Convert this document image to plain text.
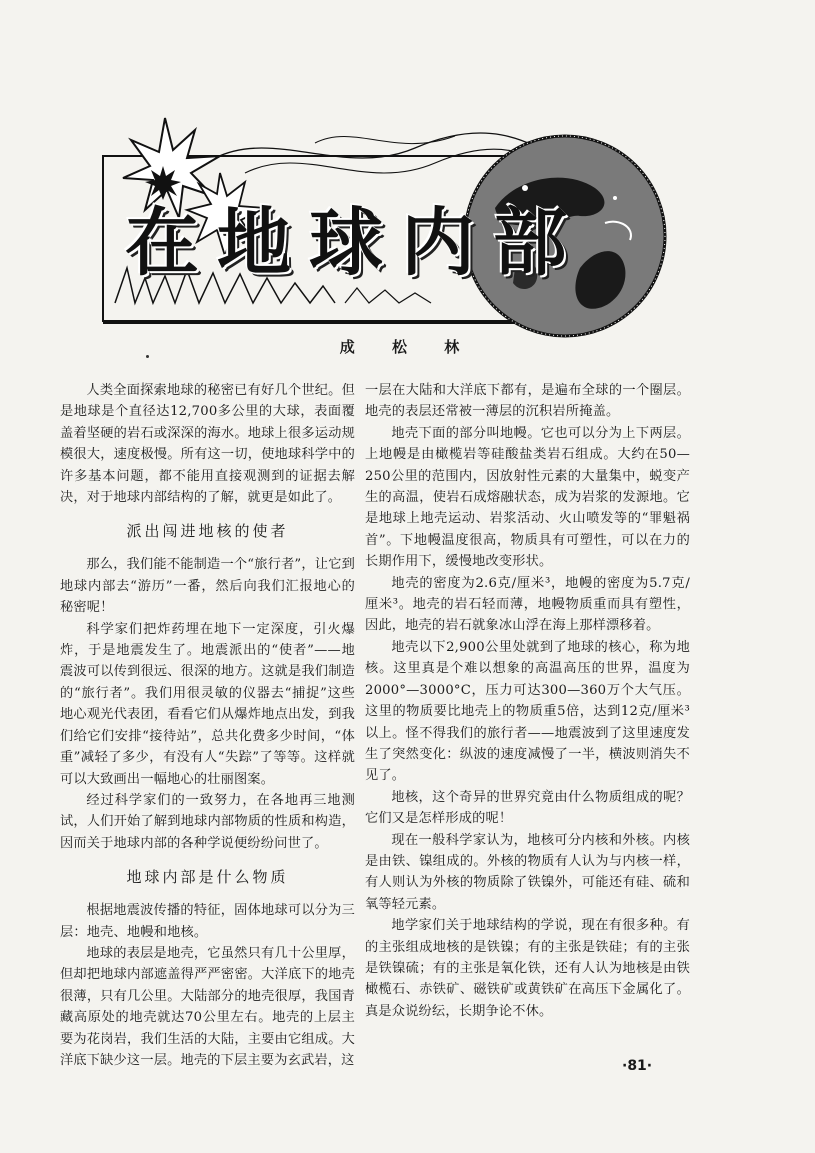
在地球内部
成 松 林

人类全面探索地球的秘密已有好几个世纪。但是地球是个直径达12,700多公里的大球，表面覆盖着坚硬的岩石或深深的海水。地球上很多运动规模很大，速度极慢。所有这一切，使地球科学中的许多基本问题，都不能用直接观测到的证据去解决，对于地球内部结构的了解，就更是如此了。

派出闯进地核的使者

那么，我们能不能制造一个“旅行者”，让它到地球内部去“游历”一番，然后向我们汇报地心的秘密呢！

科学家们把炸药埋在地下一定深度，引火爆炸，于是地震发生了。地震派出的“使者”——地震波可以传到很远、很深的地方。这就是我们制造的“旅行者”。我们用很灵敏的仪器去“捕捉”这些地心观光代表团，看看它们从爆炸地点出发，到我们给它们安排“接待站”，总共化费多少时间，“体重”减轻了多少，有没有人“失踪”了等等。这样就可以大致画出一幅地心的壮丽图案。

经过科学家们的一致努力，在各地再三地测试，人们开始了解到地球内部物质的性质和构造，因而关于地球内部的各种学说便纷纷问世了。

地球内部是什么物质

根据地震波传播的特征，固体地球可以分为三层：地壳、地幔和地核。

地球的表层是地壳，它虽然只有几十公里厚，但却把地球内部遮盖得严严密密。大洋底下的地壳很薄，只有几公里。大陆部分的地壳很厚，我国青藏高原处的地壳就达70公里左右。地壳的上层主要为花岗岩，我们生活的大陆，主要由它组成。大洋底下缺少这一层。地壳的下层主要为玄武岩，这

一层在大陆和大洋底下都有，是遍布全球的一个圈层。地壳的表层还常被一薄层的沉积岩所掩盖。

地壳下面的部分叫地幔。它也可以分为上下两层。上地幔是由橄榄岩等硅酸盐类岩石组成。大约在50—250公里的范围内，因放射性元素的大量集中，蜕变产生的高温，使岩石成熔融状态，成为岩浆的发源地。它是地球上地壳运动、岩浆活动、火山喷发等的“罪魁祸首”。下地幔温度很高，物质具有可塑性，可以在力的长期作用下，缓慢地改变形状。

地壳的密度为2.6克/厘米³，地幔的密度为5.7克/厘米³。地壳的岩石轻而薄，地幔物质重而具有塑性，因此，地壳的岩石就象冰山浮在海上那样漂移着。

地壳以下2,900公里处就到了地球的核心，称为地核。这里真是个难以想象的高温高压的世界，温度为2000°—3000°C，压力可达300—360万个大气压。这里的物质要比地壳上的物质重5倍，达到12克/厘米³以上。怪不得我们的旅行者——地震波到了这里速度发生了突然变化：纵波的速度减慢了一半，横波则消失不见了。

地核，这个奇异的世界究竟由什么物质组成的呢？它们又是怎样形成的呢！

现在一般科学家认为，地核可分内核和外核。内核是由铁、镍组成的。外核的物质有人认为与内核一样，有人则认为外核的物质除了铁镍外，可能还有硅、硫和氧等轻元素。

地学家们关于地球结构的学说，现在有很多种。有的主张组成地核的是铁镍；有的主张是铁硅；有的主张是铁镍硫；有的主张是氧化铁，还有人认为地核是由铁橄榄石、赤铁矿、磁铁矿或黄铁矿在高压下金属化了。真是众说纷纭，长期争论不休。

·81·
